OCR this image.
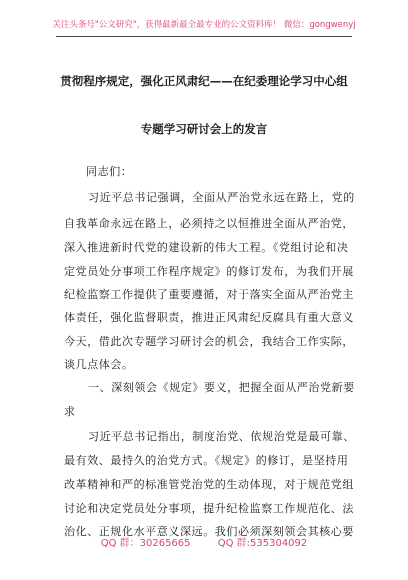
关注头条号"公文研究"，获得最新最全最专业的公文资料库！ 微信：gongwenyj
贯彻程序规定，强化正风肃纪——在纪委理论学习中心组
专题学习研讨会上的发言
同志们：
习近平总书记强调，全面从严治党永远在路上，党的
自我革命永远在路上，必须持之以恒推进全面从严治党，
深入推进新时代党的建设新的伟大工程。《党组讨论和决
定党员处分事项工作程序规定》的修订发布，为我们开展
纪检监察工作提供了重要遵循，对于落实全面从严治党主
体责任，强化监督职责，推进正风肃纪反腐具有重大意义
今天，借此次专题学习研讨会的机会，我结合工作实际，
谈几点体会。
一、深刻领会《规定》要义，把握全面从严治党新要
求
习近平总书记指出，制度治党、依规治党是最可靠、
最有效、最持久的治党方式。《规定》的修订，是坚持用
改革精神和严的标准管党治党的生动体现，对于规范党组
讨论和决定党员处分事项，提升纪检监察工作规范化、法
治化、正规化水平意义深远。我们必须深刻领会其核心要
QQ 群：30265665	QQ 群:535304092
